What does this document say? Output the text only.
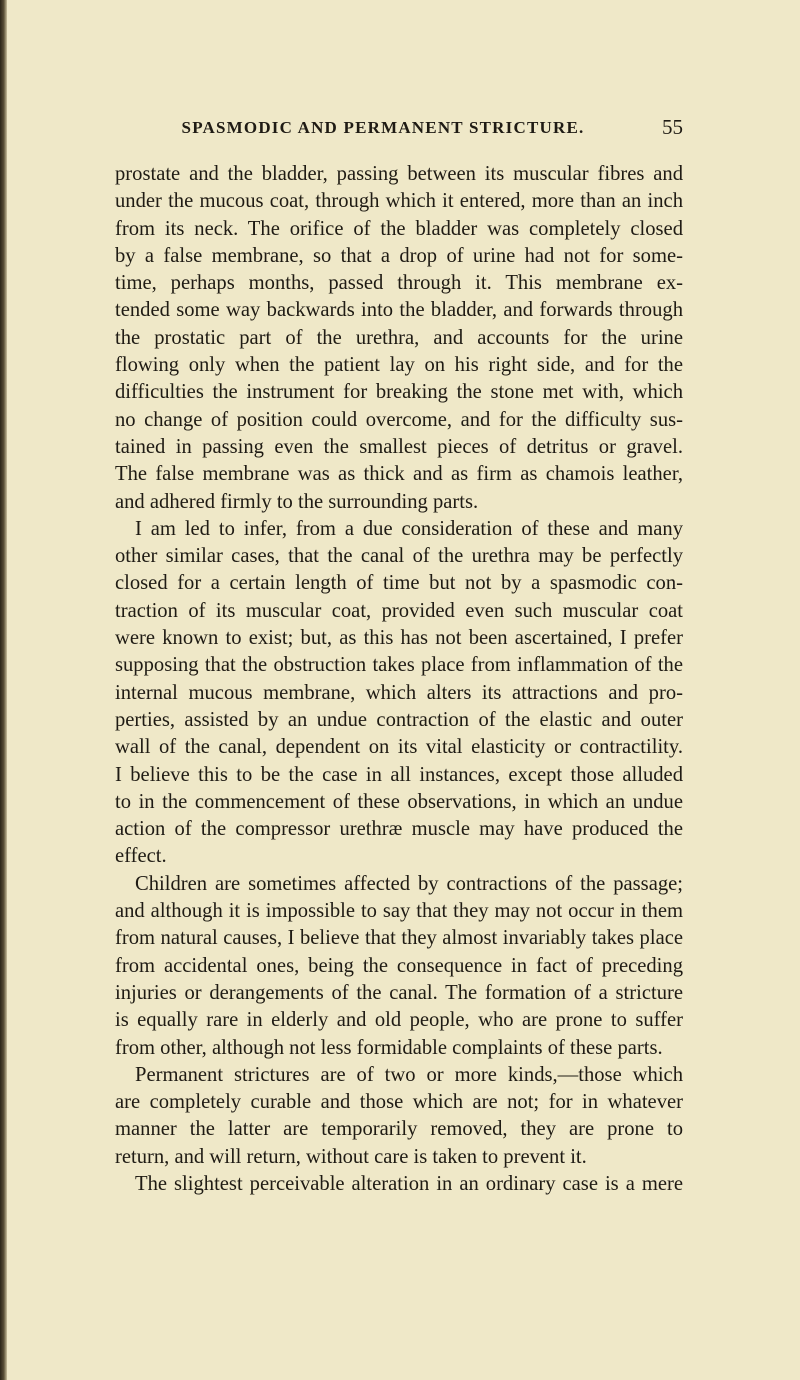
SPASMODIC AND PERMANENT STRICTURE.	55
prostate and the bladder, passing between its muscular fibres and
under the mucous coat, through which it entered, more than an inch
from its neck. The orifice of the bladder was completely closed
by a false membrane, so that a drop of urine had not for some-
time, perhaps months, passed through it. This membrane ex-
tended some way backwards into the bladder, and forwards through
the prostatic part of the urethra, and accounts for the urine
flowing only when the patient lay on his right side, and for the
difficulties the instrument for breaking the stone met with, which
no change of position could overcome, and for the difficulty sus-
tained in passing even the smallest pieces of detritus or gravel.
The false membrane was as thick and as firm as chamois leather,
and adhered firmly to the surrounding parts.
I am led to infer, from a due consideration of these and many
other similar cases, that the canal of the urethra may be perfectly
closed for a certain length of time but not by a spasmodic con-
traction of its muscular coat, provided even such muscular coat
were known to exist; but, as this has not been ascertained, I prefer
supposing that the obstruction takes place from inflammation of the
internal mucous membrane, which alters its attractions and pro-
perties, assisted by an undue contraction of the elastic and outer
wall of the canal, dependent on its vital elasticity or contractility.
I believe this to be the case in all instances, except those alluded
to in the commencement of these observations, in which an undue
action of the compressor urethræ muscle may have produced the
effect.
Children are sometimes affected by contractions of the passage;
and although it is impossible to say that they may not occur in them
from natural causes, I believe that they almost invariably takes place
from accidental ones, being the consequence in fact of preceding
injuries or derangements of the canal. The formation of a stricture
is equally rare in elderly and old people, who are prone to suffer
from other, although not less formidable complaints of these parts.
Permanent strictures are of two or more kinds,—those which
are completely curable and those which are not; for in whatever
manner the latter are temporarily removed, they are prone to
return, and will return, without care is taken to prevent it.
The slightest perceivable alteration in an ordinary case is a mere
